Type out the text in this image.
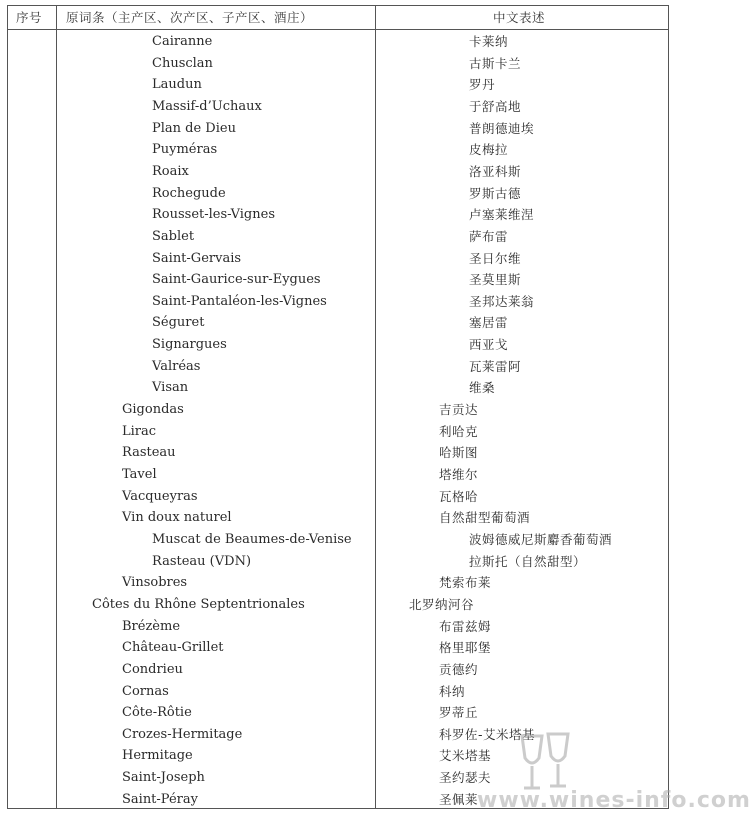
序号 原词条（主产区、次产区、子产区、酒庄）	中文表述
Cairanne	卡莱纳
Chusclan	古斯卡兰
Laudun	罗丹
Massif-d’Uchaux	于舒高地
Plan de Dieu	普朗德迪埃
Puyméras	皮梅拉
Roaix	洛亚科斯
Rochegude	罗斯古德
Rousset-les-Vignes	卢塞莱维涅
Sablet	萨布雷
Saint-Gervais	圣日尔维
Saint-Gaurice-sur-Eygues	圣莫里斯
Saint-Pantaléon-les-Vignes	圣邦达莱翁
Séguret	塞居雷
Signargues	西亚戈
Valréas	瓦莱雷阿
Visan	维桑
Gigondas	吉贡达
Lirac	利哈克
Rasteau	哈斯图
Tavel	塔维尔
Vacqueyras	瓦格哈
Vin doux naturel	自然甜型葡萄酒
Muscat de Beaumes-de-Venise	波姆德威尼斯麝香葡萄酒
Rasteau (VDN)	拉斯托（自然甜型）
Vinsobres	梵索布莱
Côtes du Rhône Septentrionales	北罗纳河谷
Brézème	布雷兹姆
Château-Grillet	格里耶堡
Condrieu	贡德约
Cornas	科纳
Côte-Rôtie	罗蒂丘
Crozes-Hermitage	科罗佐-艾米塔基
Hermitage	艾米塔基
Saint-Joseph	圣约瑟夫
Saint-Péray	圣佩莱
www.wines-info.com
